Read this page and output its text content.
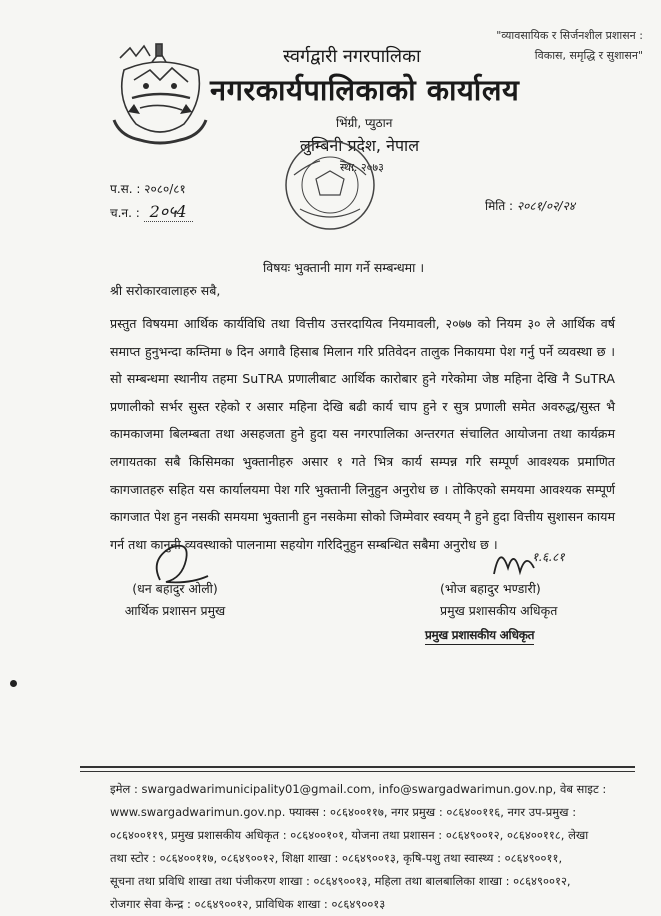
"व्यावसायिक र सिर्जनशील प्रशासन :
विकास, समृद्धि र सुशासन"
स्वर्गद्वारी नगरपालिका
नगरकार्यपालिकाको कार्यालय
भिंग्री, प्युठान
लुम्बिनी प्रदेश, नेपाल
स्था. २०७३
प.स. : २०८०/८१
च.न. : 2०५4	मिति : २०८१/०२/२४
विषयः भुक्तानी माग गर्ने सम्बन्धमा ।
श्री सरोकारवालाहरु सबै,

प्रस्तुत विषयमा आर्थिक कार्यविधि तथा वित्तीय उत्तरदायित्व नियमावली, २०७७ को नियम ३० ले आर्थिक वर्ष समाप्त हुनुभन्दा कम्तिमा ७ दिन अगावै हिसाब मिलान गरि प्रतिवेदन तालुक निकायमा पेश गर्नु पर्ने व्यवस्था छ । सो सम्बन्धमा स्थानीय तहमा SuTRA प्रणालीबाट आर्थिक कारोबार हुने गरेकोमा जेष्ठ महिना देखि नै SuTRA प्रणालीको सर्भर सुस्त रहेको र असार महिना देखि बढी कार्य चाप हुने र सुत्र प्रणाली समेत अवरुद्ध/सुस्त भै कामकाजमा बिलम्बता तथा असहजता हुने हुदा यस नगरपालिका अन्तरगत संचालित आयोजना तथा कार्यक्रम लगायतका सबै किसिमका भुक्तानीहरु असार १ गते भित्र कार्य सम्पन्न गरि सम्पूर्ण आवश्यक प्रमाणित कागजातहरु सहित यस कार्यालयमा पेश गरि भुक्तानी लिनुहुन अनुरोध छ । तोकिएको समयमा आवश्यक सम्पूर्ण कागजात पेश हुन नसकी समयमा भुक्तानी हुन नसकेमा सोको जिम्मेवार स्वयम् नै हुने हुदा वित्तीय सुशासन कायम गर्न तथा कानुनी व्यवस्थाको पालनामा सहयोग गरिदिनुहुन सम्बन्धित सबैमा अनुरोध छ ।

१.६.८१
(धन बहादुर ओली)
आर्थिक प्रशासन प्रमुख
(भोज बहादुर भण्डारी)
प्रमुख प्रशासकीय अधिकृत
प्रमुख प्रशासकीय अधिकृत
इमेल : swargadwarimunicipality01@gmail.com, info@swargadwarimun.gov.np, वेब साइट :
www.swargadwarimun.gov.np. फ्याक्स : ०८६४००११७, नगर प्रमुख : ०८६४००११६, नगर उप-प्रमुख :
०८६४००११९, प्रमुख प्रशासकीय अधिकृत : ०८६४००१०१, योजना तथा प्रशासन : ०८६४९००१२, ०८६४००११८, लेखा
तथा स्टोर : ०८६४००११७, ०८६४९००१२, शिक्षा शाखा : ०८६४९००१३, कृषि-पशु तथा स्वास्थ्य : ०८६४९००११,
सूचना तथा प्रविधि शाखा तथा पंजीकरण शाखा : ०८६४९००१३, महिला तथा बालबालिका शाखा : ०८६४९००१२,
रोजगार सेवा केन्द्र : ०८६४९००१२, प्राविधिक शाखा : ०८६४९००१३
